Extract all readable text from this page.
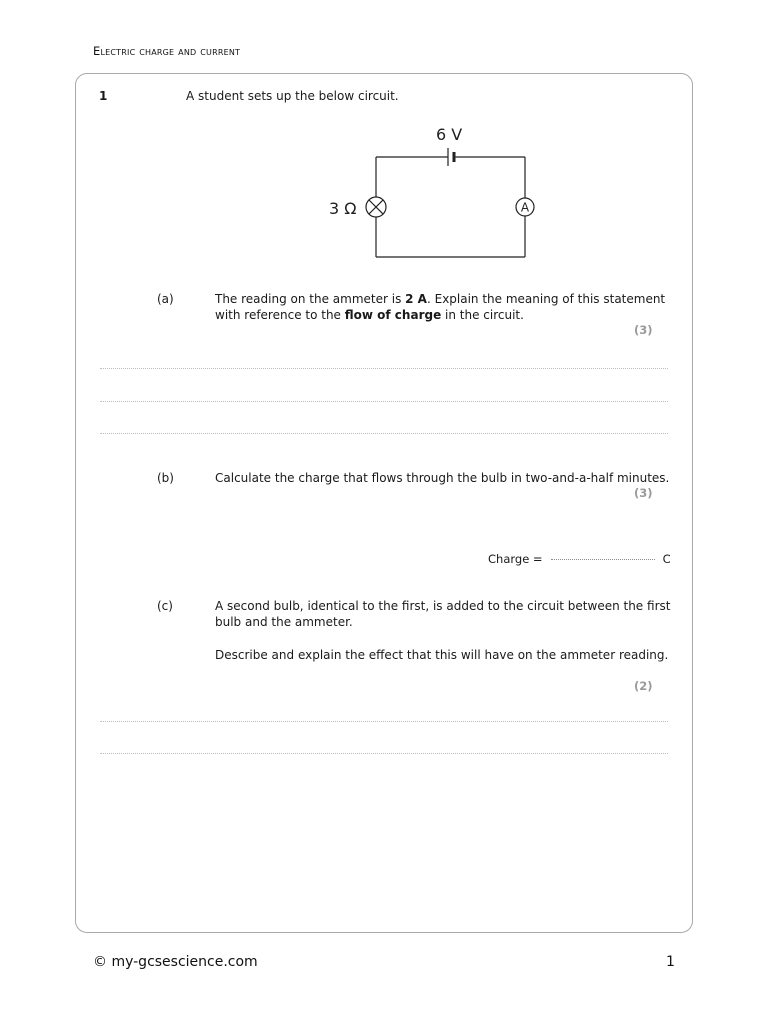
Electric charge and current
1	A student sets up the below circuit.
6 V
3 Ω	A
(a)	The reading on the ammeter is 2 A. Explain the meaning of this statement
with reference to the flow of charge in the circuit.
(3)
(b)	Calculate the charge that flows through the bulb in two-and-a-half minutes.
(3)
Charge =	C
(c)	A second bulb, identical to the first, is added to the circuit between the first
bulb and the ammeter.
Describe and explain the effect that this will have on the ammeter reading.
(2)
© my-gcsescience.com	1
